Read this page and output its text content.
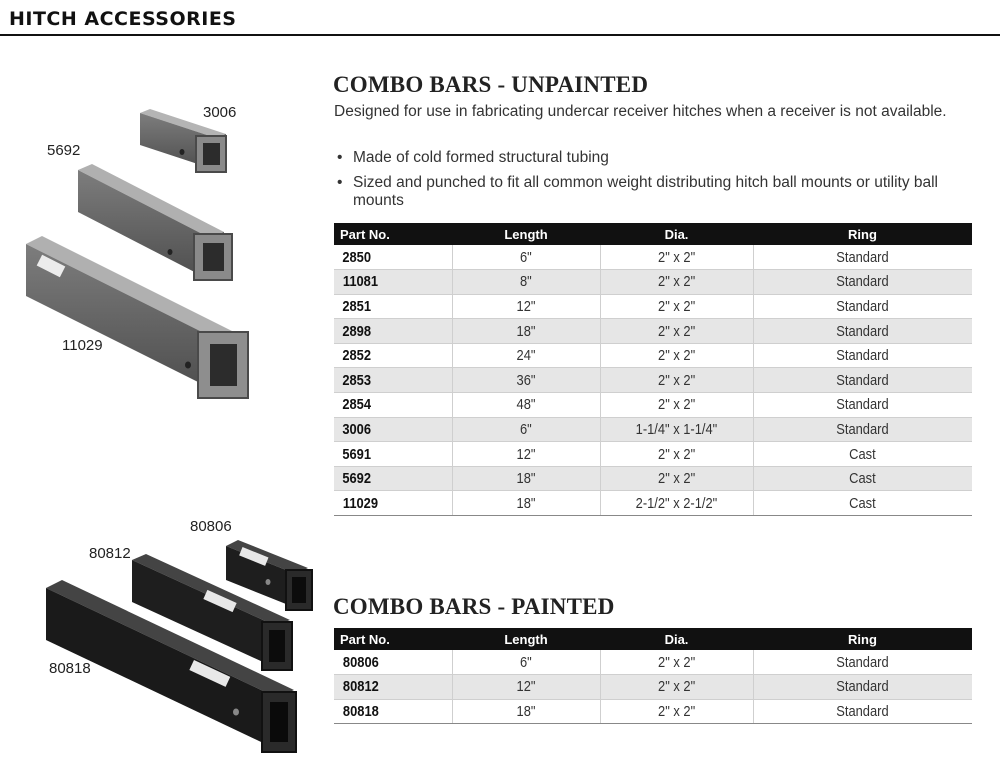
HITCH ACCESSORIES
3006
5692
11029
COMBO BARS - UNPAINTED
Designed for use in fabricating undercar receiver hitches when a receiver is not available.
• Made of cold formed structural tubing
• Sized and punched to fit all common weight distributing hitch ball mounts or utility ball mounts
Part No.	Length	Dia.	Ring
2850	6"	2" x 2"	Standard
11081	8"	2" x 2"	Standard
2851	12"	2" x 2"	Standard
2898	18"	2" x 2"	Standard
2852	24"	2" x 2"	Standard
2853	36"	2" x 2"	Standard
2854	48"	2" x 2"	Standard
3006	6"	1-1/4" x 1-1/4"	Standard
5691	12"	2" x 2"	Cast
5692	18"	2" x 2"	Cast
11029	18"	2-1/2" x 2-1/2"	Cast
80806
80812
80818
COMBO BARS - PAINTED
Part No.	Length	Dia.	Ring
80806	6"	2" x 2"	Standard
80812	12"	2" x 2"	Standard
80818	18"	2" x 2"	Standard
